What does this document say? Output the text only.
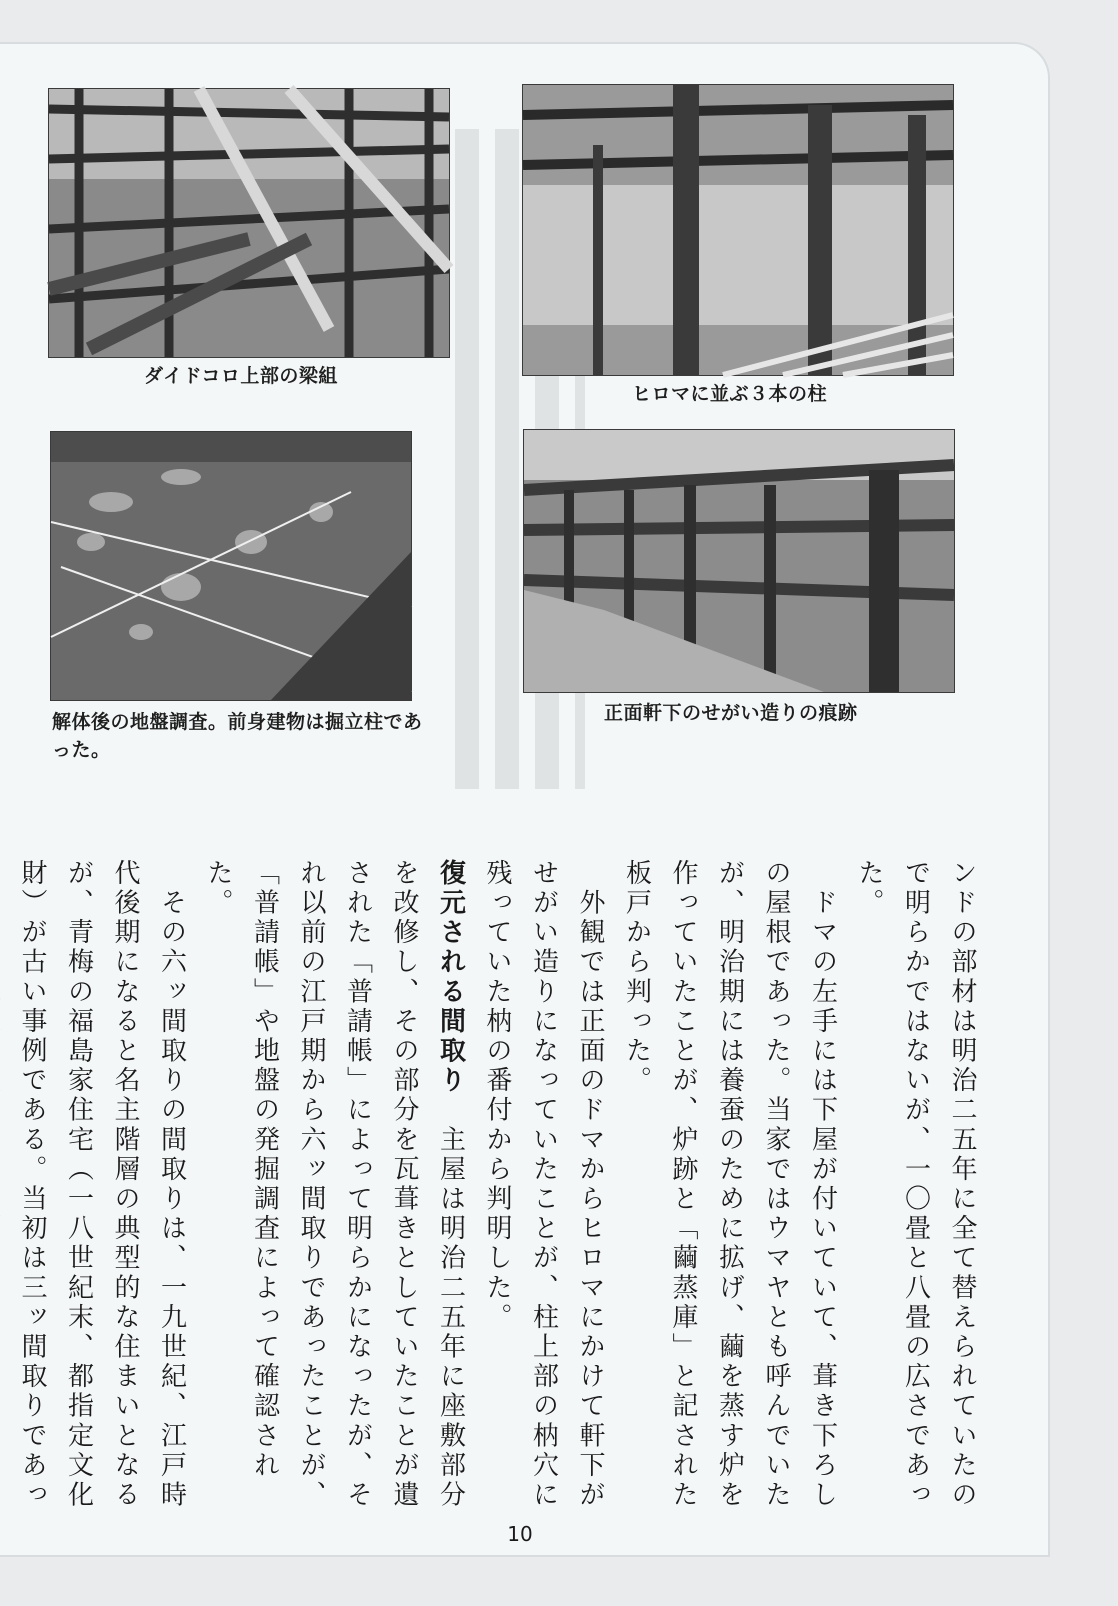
ダイドコロ上部の梁組
ヒロマに並ぶ３本の柱
解体後の地盤調査。前身建物は掘立柱であった。
正面軒下のせがい造りの痕跡
ンドの部材は明治二五年に全て替えられていたので明らかではないが、一〇畳と八畳の広さであった。
　ドマの左手には下屋が付いていて、葺き下ろしの屋根であった。当家ではウマヤとも呼んでいたが、明治期には養蚕のために拡げ、繭を蒸す炉を作っていたことが、炉跡と「繭蒸庫」と記された板戸から判った。
　外観では正面のドマからヒロマにかけて軒下がせがい造りになっていたことが、柱上部の枘穴に残っていた枘の番付から判明した。
復元される間取り　主屋は明治二五年に座敷部分を改修し、その部分を瓦葺きとしていたことが遺された「普請帳」によって明らかになったが、それ以前の江戸期から六ッ間取りであったことが、「普請帳」や地盤の発掘調査によって確認された。
　その六ッ間取りの間取りは、一九世紀、江戸時代後期になると名主階層の典型的な住まいとなるが、青梅の福島家住宅（一八世紀末、都指定文化財）が古い事例である。当初は三ッ間取りであっ
10
